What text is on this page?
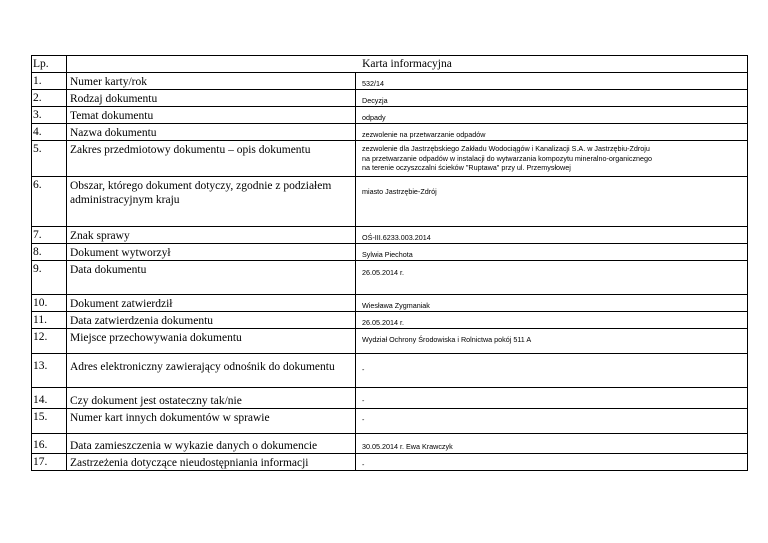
Lp.	Karta informacyjna	
1.	Numer karty/rok	532/14
2.	Rodzaj dokumentu	Decyzja
3.	Temat dokumentu	odpady
4.	Nazwa dokumentu	zezwolenie na przetwarzanie odpadów
5.	Zakres przedmiotowy dokumentu – opis dokumentu	zezwolenie dla Jastrzębskiego Zakładu Wodociągów i Kanalizacji S.A. w Jastrzębiu-Zdroju
na przetwarzanie odpadów w instalacji do wytwarzania kompozytu mineralno-organicznego
na terenie oczyszczalni ścieków "Ruptawa" przy ul. Przemysłowej

6.	Obszar, którego dokument dotyczy, zgodnie z podziałem
administracyjnym kraju	miasto Jastrzębie-Zdrój
7.	Znak sprawy	OŚ-III.6233.003.2014
8.	Dokument wytworzył	Sylwia Piechota
9.	Data dokumentu	26.05.2014 r.
10.	Dokument zatwierdził	Wiesława Zygmaniak
11.	Data zatwierdzenia dokumentu	26.05.2014 r.
12.	Miejsce przechowywania dokumentu	Wydział Ochrony Środowiska i Rolnictwa pokój 511 A
13.	Adres elektroniczny zawierający odnośnik do dokumentu	-
14.	Czy dokument jest ostateczny tak/nie	-
15.	Numer kart innych dokumentów w sprawie	-
16.	Data zamieszczenia w wykazie danych o dokumencie	30.05.2014 r. Ewa Krawczyk
17.	Zastrzeżenia dotyczące nieudostępniania informacji	-
